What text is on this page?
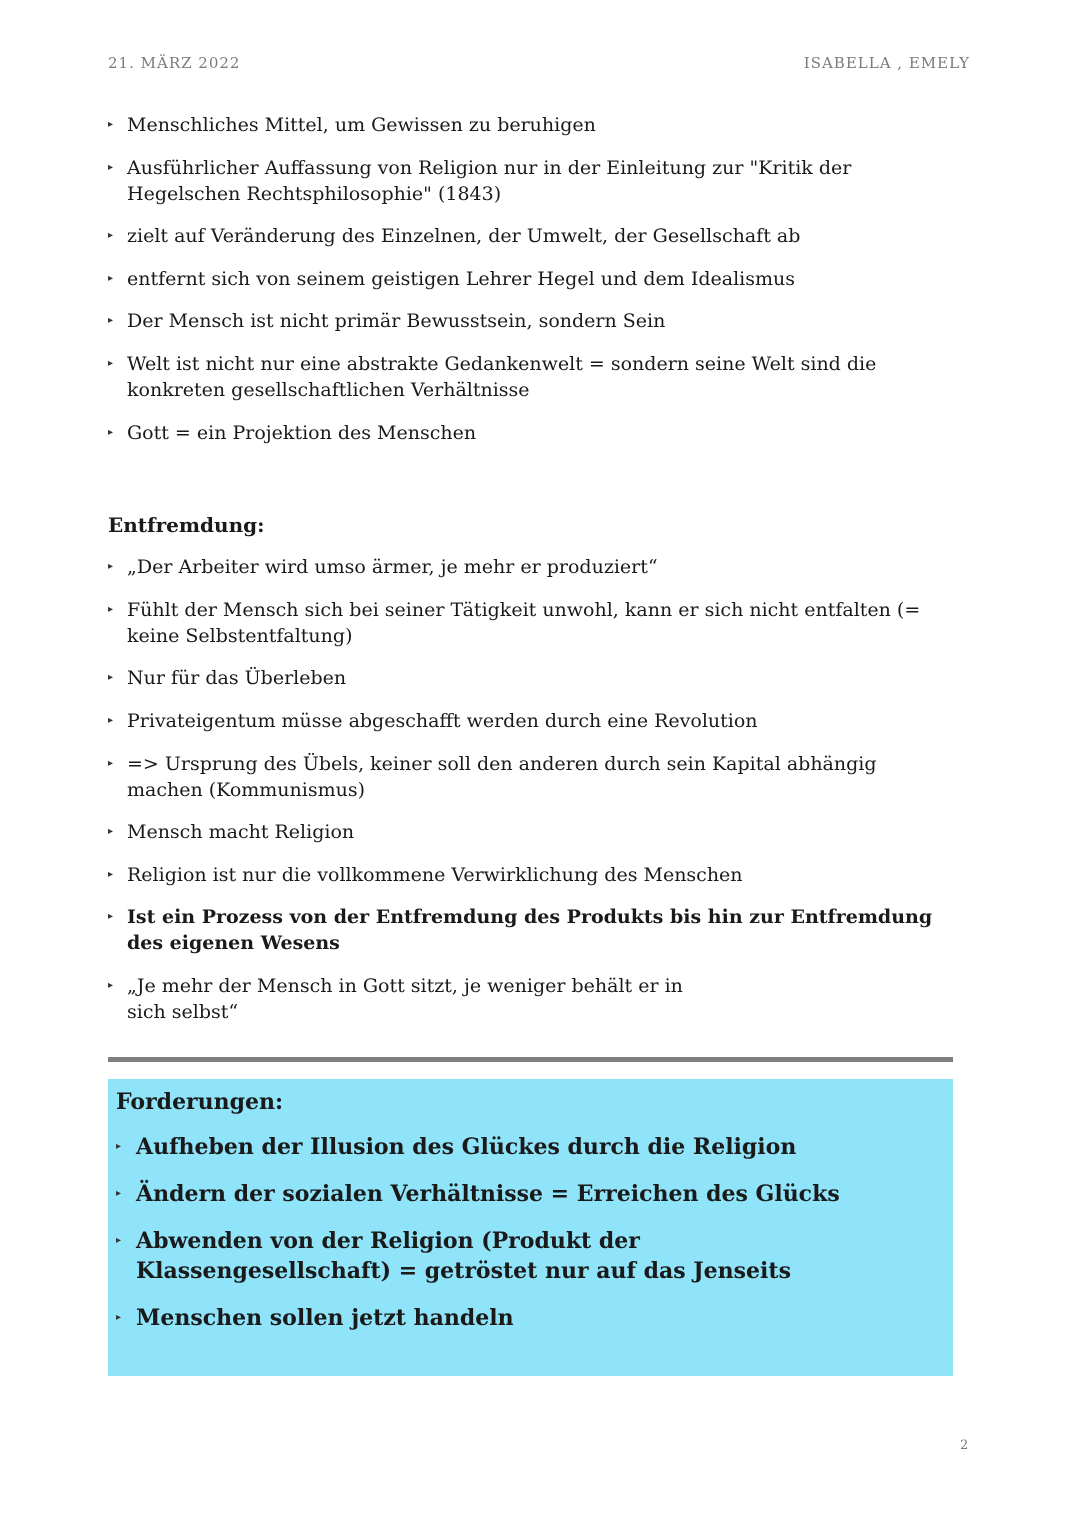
21. MÄRZ 2022	ISABELLA , EMELY
▸ Menschliches Mittel, um Gewissen zu beruhigen
▸ Ausführlicher Auffassung von Religion nur in der Einleitung zur "Kritik der Hegelschen Rechtsphilosophie" (1843)
▸ zielt auf Veränderung des Einzelnen, der Umwelt, der Gesellschaft ab
▸ entfernt sich von seinem geistigen Lehrer Hegel und dem Idealismus
▸ Der Mensch ist nicht primär Bewusstsein, sondern Sein
▸ Welt ist nicht nur eine abstrakte Gedankenwelt = sondern seine Welt sind die konkreten gesellschaftlichen Verhältnisse
▸ Gott = ein Projektion des Menschen
Entfremdung:
▸ „Der Arbeiter wird umso ärmer, je mehr er produziert“
▸ Fühlt der Mensch sich bei seiner Tätigkeit unwohl, kann er sich nicht entfalten (= keine Selbstentfaltung)
▸ Nur für das Überleben
▸ Privateigentum müsse abgeschafft werden durch eine Revolution
▸ => Ursprung des Übels, keiner soll den anderen durch sein Kapital abhängig machen (Kommunismus)
▸ Mensch macht Religion
▸ Religion ist nur die vollkommene Verwirklichung des Menschen
▸ Ist ein Prozess von der Entfremdung des Produkts bis hin zur Entfremdung des eigenen Wesens
▸ „Je mehr der Mensch in Gott sitzt, je weniger behält er in sich selbst“
Forderungen:
▸ Aufheben der Illusion des Glückes durch die Religion
▸ Ändern der sozialen Verhältnisse = Erreichen des Glücks
▸ Abwenden von der Religion (Produkt der Klassengesellschaft) = getröstet nur auf das Jenseits
▸ Menschen sollen jetzt handeln
2
